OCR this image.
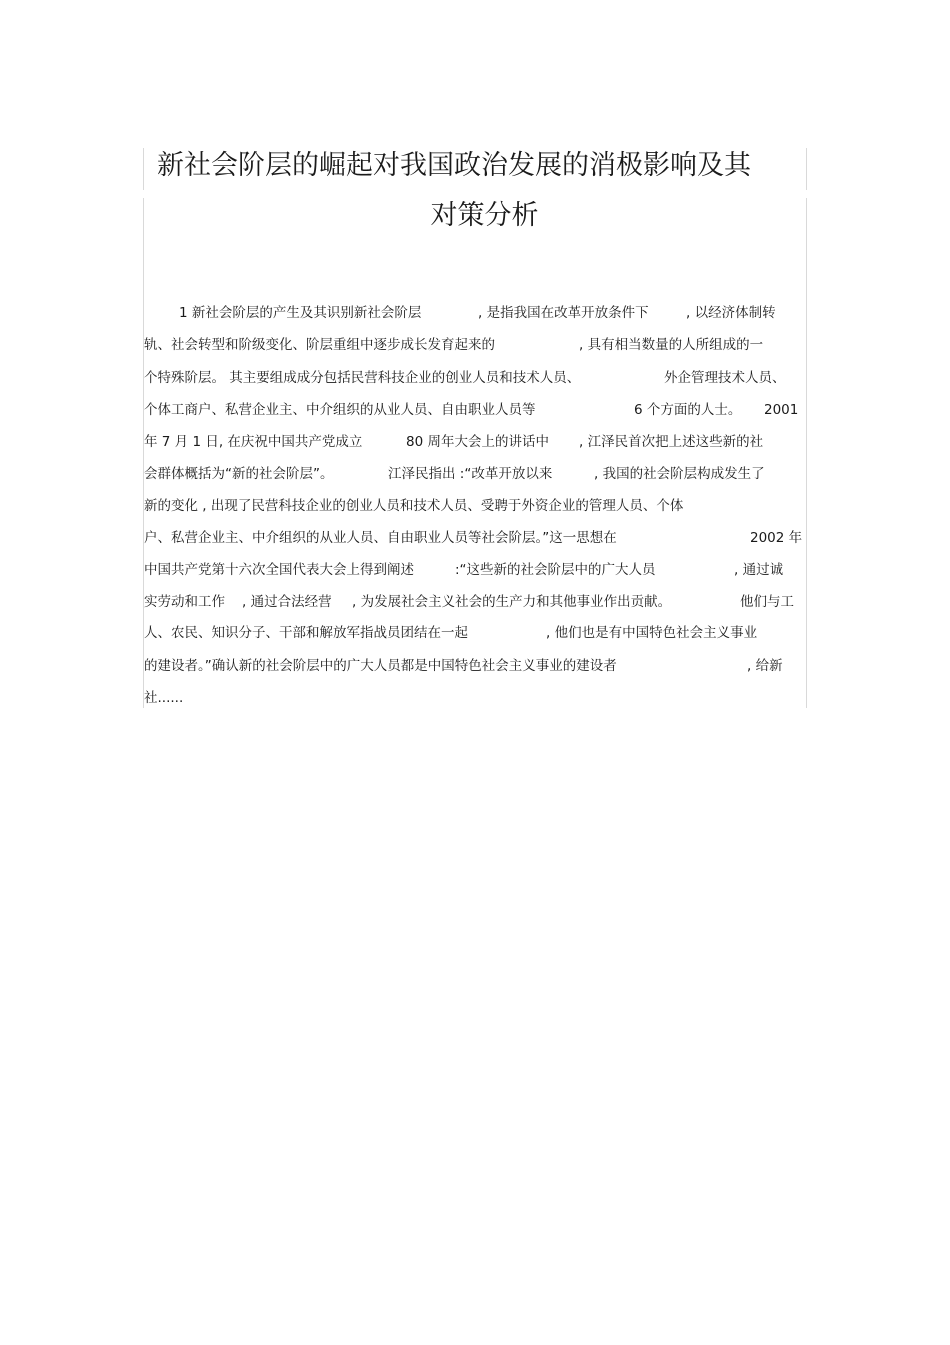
新社会阶层的崛起对我国政治发展的消极影响及其
对策分析
1 新社会阶层的产生及其识别新社会阶层	, 是指我国在改革开放条件下	, 以经济体制转
轨、社会转型和阶级变化、阶层重组中逐步成长发育起来的	, 具有相当数量的人所组成的一
个特殊阶层。 其主要组成成分包括民营科技企业的创业人员和技术人员、	外企管理技术人员、
个体工商户、私营企业主、中介组织的从业人员、自由职业人员等	6 个方面的人士。 2001
年 7 月 1 日, 在庆祝中国共产党成立	80 周年大会上的讲话中 , 江泽民首次把上述这些新的社
会群体概括为“新的社会阶层”。	江泽民指出 :“改革开放以来	, 我国的社会阶层构成发生了
新的变化 , 出现了民营科技企业的创业人员和技术人员、受聘于外资企业的管理人员、个体
户、私营企业主、中介组织的从业人员、自由职业人员等社会阶层。”这一思想在	2002 年
中国共产党第十六次全国代表大会上得到阐述	:“这些新的社会阶层中的广大人员	, 通过诚
实劳动和工作 , 通过合法经营 , 为发展社会主义社会的生产力和其他事业作出贡献。	他们与工
人、农民、知识分子、干部和解放军指战员团结在一起	, 他们也是有中国特色社会主义事业
的建设者。”确认新的社会阶层中的广大人员都是中国特色社会主义事业的建设者	, 给新
社......
